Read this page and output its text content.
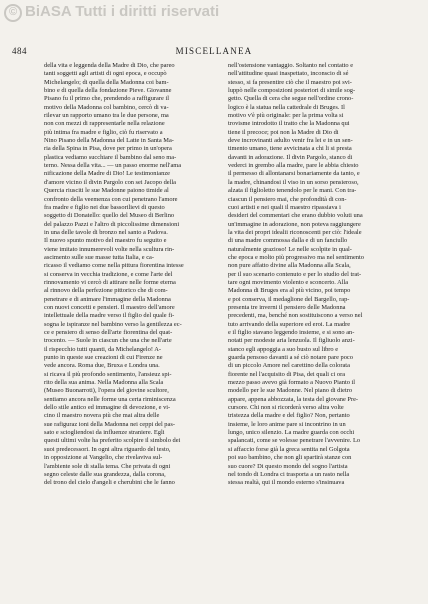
© BiASA Tutti i diritti riservati
484	MISCELLANEA
della vita e leggenda della Madre di Dio, che pareo
tanti soggetti agli artisti di ogni epoca, e occupò
Michelangelo; di quella della Madonna coi bam-
bino e di quella della fondazione Pieve. Giovanne
Pisano fu il primo che, prendendo a raffigurare il
motivo della Madonna col bambino, cercò di va-
rilevar un rapporto umano tra le due persone, ma
non con mezzi di rappresentarle nella relazione
più intima fra madre e figlio, ciò fu riservato a
Nino Pisano della Madonna del Latte in Santa Ma-
ria della Spina in Pisa, dove per primo in un'opera
plastica vediamo succhiare il bambino dal seno ma-
terno. Nessa della vita... — un passo enorme nell'ama
nificazione della Madre di Dio! Le testimonianze
d'amore vicino il divin Pargolo con sei Jacopo della
Quercia riusciti le sue Madonne paiono timide al
confronto della veemenza con cui penetrano l'amore
fra madre e figlio nei due bassorilievi di questo
soggetto di Donatello: quello del Museo di Berlino
del palazzo Pazzi e l'altro di piccolissime dimensioni
in una delle tavole di bronzo nel santo a Padova.
Il nuovo spunto motivo del maestro fu seguito e
viene imitato innumerevoli volte nella scultura rin-
ascimento sulle sue masse tutta Italia, e ca-
ricasso il vediamo come nella pittura fiorentina intesse
si conserva in vecchia tradizione, e come l'arte del
rinnovamento vi cercò di attirare nelle forme eterna
al rinnovo della perfezione pittorico che di com-
penetrare e di animare l'immagine della Madonna
con nuovi concetti e pensieri. Il maestro dell'amore
intellettuale della madre verso il figlio del quale fi-
sogna le ispiranze nel bambino verso la gentilezza ec-
ce e pensiero di senso dell'arte fiorentina del quat-
trocento. — Suole in ciascun che una che nell'arte
il rispecchio tutti quanti, da Michelangelo! A-
punto in queste sue creazioni di cui Firenze ne
vede ancora. Roma due, Bruxa e Londra una.
si ricava il più profondo sentimento, l'ansieuz spi-
rito della sua anima. Nella Madonna alla Scala
(Museo Buonarroti), l'opera del giovine scultore,
sentiamo ancora nelle forme una certa riminiscenza
dello stile antico ed immagine di devozione, e vi-
cino il maestro novera più che mai altra delle
sue rafiguraz ioni della Madonna nei ceppi del pas-
sato e sciogliendosi da influenze straniere. Egli
questi ultimi volte ha preferito scolpire il simbolo dei
suoi predecessori. In ogni altra riguardo del testo,
in opposizione ai Vangelio, che rivelaviva sul-
l'ambiente sole di stalla tema. Che privata di ogni
segno celeste dalle sua grandezza, dalla corona,
del trono del cielo d'angeli e cherubini che le fanno
nell'ostensione vantaggio. Soltanto nel contatto e
nell'attitudine quasi inaspettato, inconscio di sé
stesso, si fa presentire ciò che il maestro poi svi-
luppò nelle composizioni posteriori di simile sog-
getto. Quella di cera che segue nell'ordine crono-
logico è la statua nella cattedrale di Bruges. Il
motivo v'è più originale: per la prima volta si
trovisme introdotto il tratto che la Madonna qui
tiene il precoce; poi non la Madre di Dio di
deve incrovinanti adulto venir fra lei e in un sen-
timento umano, tiene avvicinata a chi li si presta
davanti in adorazione. Il divin Pargolo, stanco di
vederci in grembo alla madre, pare le abbia chiesto
il permesso di allontanarsi bonariamente da tanto, e
la madre, chinandosi il viso in un sorso pensieroso,
alzata il figlioletto tenendolo per le mani. Con tra-
ciascun il pensiero mai, che profondità di con-
cuoi artisti e nei quali il maestro ripassiava i
desideri del commentari che erano dubbio voluti una
un'immagine in adorazione, non poteva raggiungere
la vita dei propri idealii riconoscenti per ciò: l'ideale
di una madre commossa dalla e di un fanciullo
naturalmente grazioso! Le nelle scolpite in qual-
che epoca e molto più progressivo ma nel sentimento
non pure affatto divine alla Madonna alla Scala,
per il suo scenario contenuto e per lo studio del trat-
tare ogni movimento violento e sconcerto. Alla
Madonna di Bruges era al più vicino, poi tempo
e poi conserva, il medaglione del Bargello, rap-
presenta tre inverni il pensiero delle Madonna
precedenti, ma, benché non sostituiscono a verso nel
tuto arrivando della superiore ed eroi. La madre
e il figlio stavano leggendo insieme, e si sono an-
notati per modeste aria lenzuola. Il figliuolo anzi-
stanco egli appoggia a suo busto sul libro e
guarda pensoso davanti a sé ciò notare pare poco
di un piccolo Amore nel carettino della colorata
fiorente nel l'acquisito di Pisa, dei quali ci ora
mezzo passo avevo già formato a Nuovo Pianto il
modello per le sue Madonne. Nel piano di dietro
appare, appena abbozzata, la testa del giovane Pre-
cursore. Chi non si ricorderà verso altra volte
tristezza della madre e del figlio? Non, pertanto
insieme, le loro anime pare si incontrino in un
lungo, unico silenzio. La madre guarda con occhi
spalancati, come se volesse penetrare l'avvenire. Lo
si affaccio forse già la greca sentita nel Golgota
poi suo bambino, che non gli spartirà stanze con
suo cuore? Di questo mondo del sogno l'artista
nel tondo di Londra ci trasporta a un rasto nella
stessa realtà, qui il mondo esterno s'insinuava
